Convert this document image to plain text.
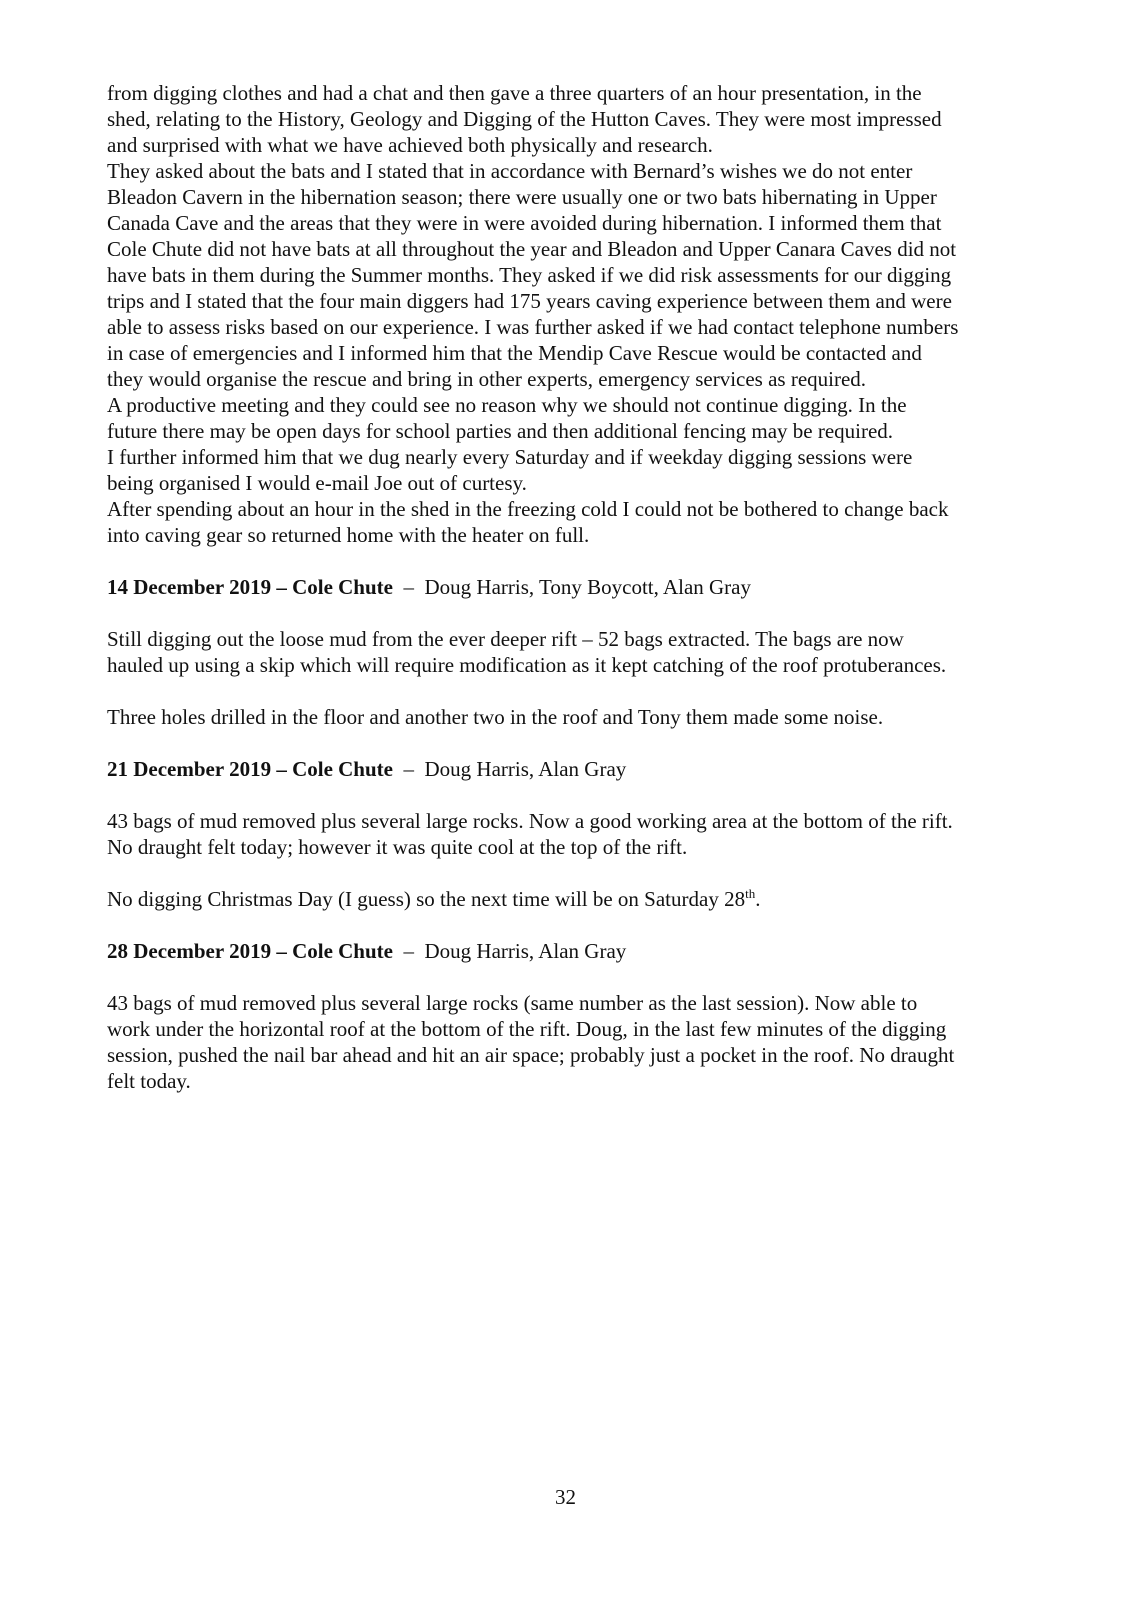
from digging clothes and had a chat and then gave a three quarters of an hour presentation, in the
shed, relating to the History, Geology and Digging of the Hutton Caves. They were most impressed
and surprised with what we have achieved both physically and research.
They asked about the bats and I stated that in accordance with Bernard’s wishes we do not enter
Bleadon Cavern in the hibernation season; there were usually one or two bats hibernating in Upper
Canada Cave and the areas that they were in were avoided during hibernation. I informed them that
Cole Chute did not have bats at all throughout the year and Bleadon and Upper Canara Caves did not
have bats in them during the Summer months. They asked if we did risk assessments for our digging
trips and I stated that the four main diggers had 175 years caving experience between them and were
able to assess risks based on our experience. I was further asked if we had contact telephone numbers
in case of emergencies and I informed him that the Mendip Cave Rescue would be contacted and
they would organise the rescue and bring in other experts, emergency services as required.
A productive meeting and they could see no reason why we should not continue digging. In the
future there may be open days for school parties and then additional fencing may be required.
I further informed him that we dug nearly every Saturday and if weekday digging sessions were
being organised I would e-mail Joe out of curtesy.
After spending about an hour in the shed in the freezing cold I could not be bothered to change back
into caving gear so returned home with the heater on full.

14 December 2019 – Cole Chute – Doug Harris, Tony Boycott, Alan Gray

Still digging out the loose mud from the ever deeper rift – 52 bags extracted. The bags are now
hauled up using a skip which will require modification as it kept catching of the roof protuberances.

Three holes drilled in the floor and another two in the roof and Tony them made some noise.

21 December 2019 – Cole Chute – Doug Harris, Alan Gray

43 bags of mud removed plus several large rocks. Now a good working area at the bottom of the rift.
No draught felt today; however it was quite cool at the top of the rift.

No digging Christmas Day (I guess) so the next time will be on Saturday 28th.

28 December 2019 – Cole Chute – Doug Harris, Alan Gray

43 bags of mud removed plus several large rocks (same number as the last session). Now able to
work under the horizontal roof at the bottom of the rift. Doug, in the last few minutes of the digging
session, pushed the nail bar ahead and hit an air space; probably just a pocket in the roof. No draught
felt today.

32
